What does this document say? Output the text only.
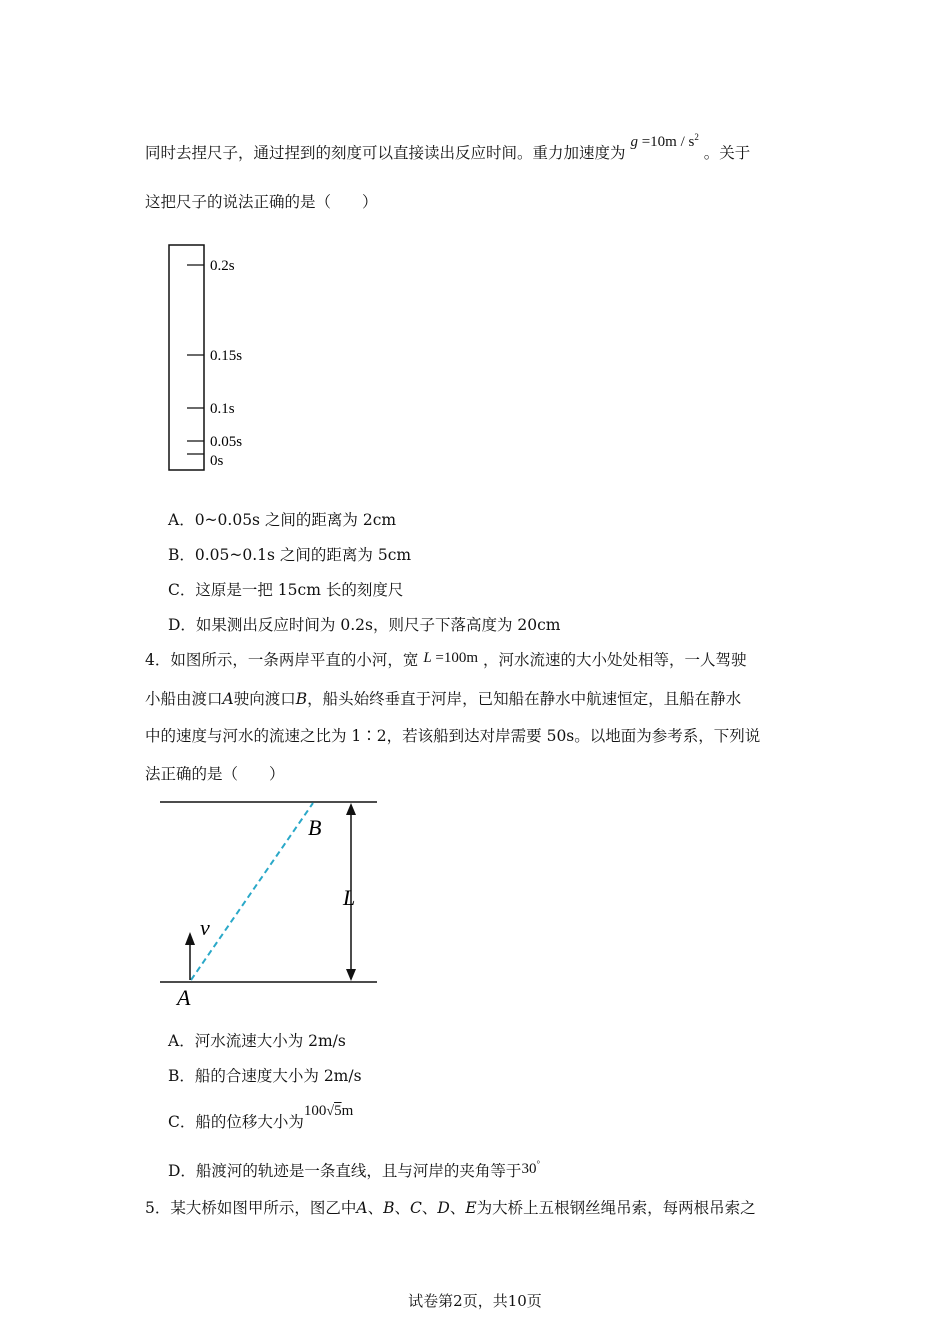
同时去捏尺子，通过捏到的刻度可以直接读出反应时间。重力加速度为 $g =10m / s^2$ 。关于
这把尺子的说法正确的是（　　）
0.2s
0.15s
0.1s
0.05s
0s
A．0~0.05s 之间的距离为 2cm
B．0.05~0.1s 之间的距离为 5cm
C．这原是一把 15cm 长的刻度尺
D．如果测出反应时间为 0.2s，则尺子下落高度为 20cm
4．如图所示，一条两岸平直的小河，宽 L =100m ，河水流速的大小处处相等，一人驾驶
小船由渡口A驶向渡口B，船头始终垂直于河岸，已知船在静水中航速恒定，且船在静水
中的速度与河水的流速之比为 1∶2，若该船到达对岸需要 50s。以地面为参考系，下列说
法正确的是（　　）
B
L
v
A
A．河水流速大小为 2m/s
B．船的合速度大小为 2m/s
C．船的位移大小为100√5m
D．船渡河的轨迹是一条直线，且与河岸的夹角等于30°
5．某大桥如图甲所示，图乙中A、B、C、D、E为大桥上五根钢丝绳吊索，每两根吊索之
试卷第2页，共10页
